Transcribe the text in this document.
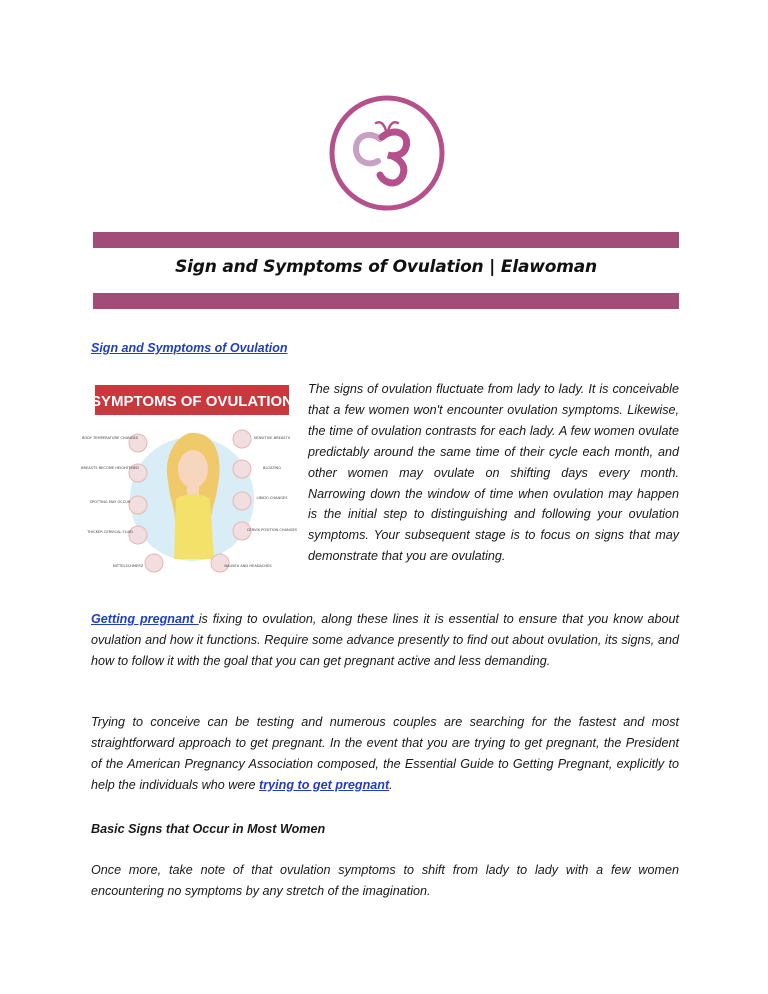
Sign and Symptoms of Ovulation | Elawoman
Sign and Symptoms of Ovulation
SYMPTOMS OF OVULATION
BODY TEMPERATURE CHANGES
BREASTS BECOME HEIGHTENED
SPOTTING MAY OCCUR
THICKER CERVICAL FLUID
MITTELSCHMERZ
SENSITIVE BREASTS
BLOATING
LIBIDO CHANGES
CERVIX POSITION CHANGES
NAUSEA AND HEADACHES

The signs of ovulation fluctuate from lady to lady. It is conceivable that a few women won't encounter ovulation symptoms. Likewise, the time of ovulation contrasts for each lady. A few women ovulate predictably around the same time of their cycle each month, and other women may ovulate on shifting days every month. Narrowing down the window of time when ovulation may happen is the initial step to distinguishing and following your ovulation symptoms. Your subsequent stage is to focus on signs that may demonstrate that you are ovulating.

Getting pregnant is fixing to ovulation, along these lines it is essential to ensure that you know about ovulation and how it functions. Require some advance presently to find out about ovulation, its signs, and how to follow it with the goal that you can get pregnant active and less demanding.

Trying to conceive can be testing and numerous couples are searching for the fastest and most straightforward approach to get pregnant. In the event that you are trying to get pregnant, the President of the American Pregnancy Association composed, the Essential Guide to Getting Pregnant, explicitly to help the individuals who were trying to get pregnant.

Basic Signs that Occur in Most Women

Once more, take note of that ovulation symptoms to shift from lady to lady with a few women encountering no symptoms by any stretch of the imagination.
